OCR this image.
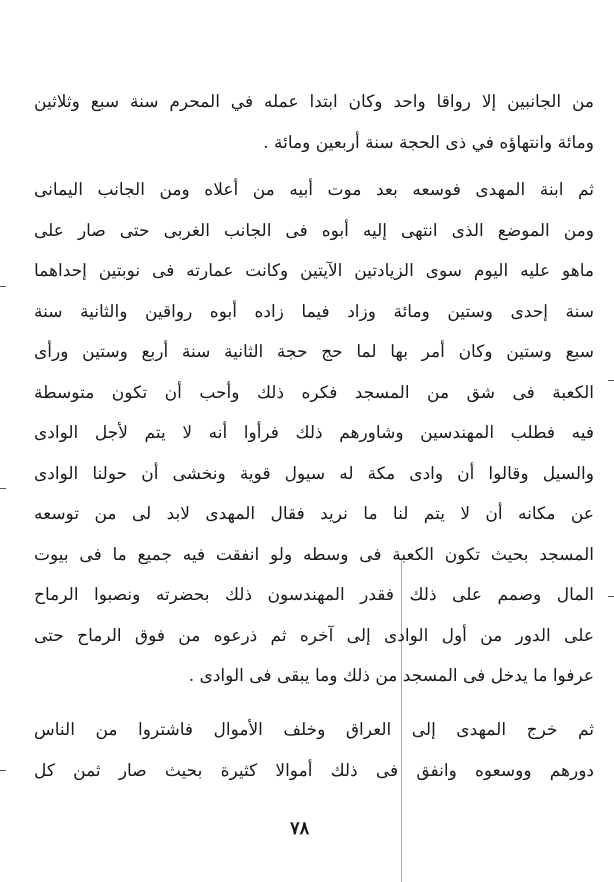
من الجانبين إلا رواقا واحد وكان ابتدا عمله في المحرم سنة سبع وثلاثين
ومائة وانتهاؤه في ذى الحجة سنة أربعين ومائة .
ثم ابنة المهدى فوسعه بعد موت أبيه من أعلاه ومن الجانب اليمانى
ومن الموضع الذى انتهى إليه أبوه فى الجانب الغربى حتى صار على
ماهو عليه اليوم سوى الزيادتين الآيتين وكانت عمارته فى نوبتين إحداهما
سنة إحدى وستين ومائة وزاد فيما زاده أبوه رواقين والثانية سنة
سبع وستين وكان أمر بها لما حج حجة الثانية سنة أربع وستين ورأى
الكعبة فى شق من المسجد فكره ذلك وأحب أن تكون متوسطة
فيه فطلب المهندسين وشاورهم ذلك فرأوا أنه لا يتم لأجل الوادى
والسيل وقالوا أن وادى مكة له سيول قوية ونخشى أن حولنا الوادى
عن مكانه أن لا يتم لنا ما نريد فقال المهدى لابد لى من توسعه
المسجد بحيث تكون الكعبة فى وسطه ولو انفقت فيه جميع ما فى بيوت
المال وصمم على ذلك فقدر المهندسون ذلك بحضرته ونصبوا الرماح
على الدور من أول الوادى إلى آخره ثم ذرعوه من فوق الرماح حتى
عرفوا ما يدخل فى المسجد من ذلك وما يبقى فى الوادى .
ثم خرج المهدى إلى العراق وخلف الأموال فاشتروا من الناس
دورهم ووسعوه وانفق فى ذلك أموالا كثيرة بحيث صار ثمن كل
٧٨
